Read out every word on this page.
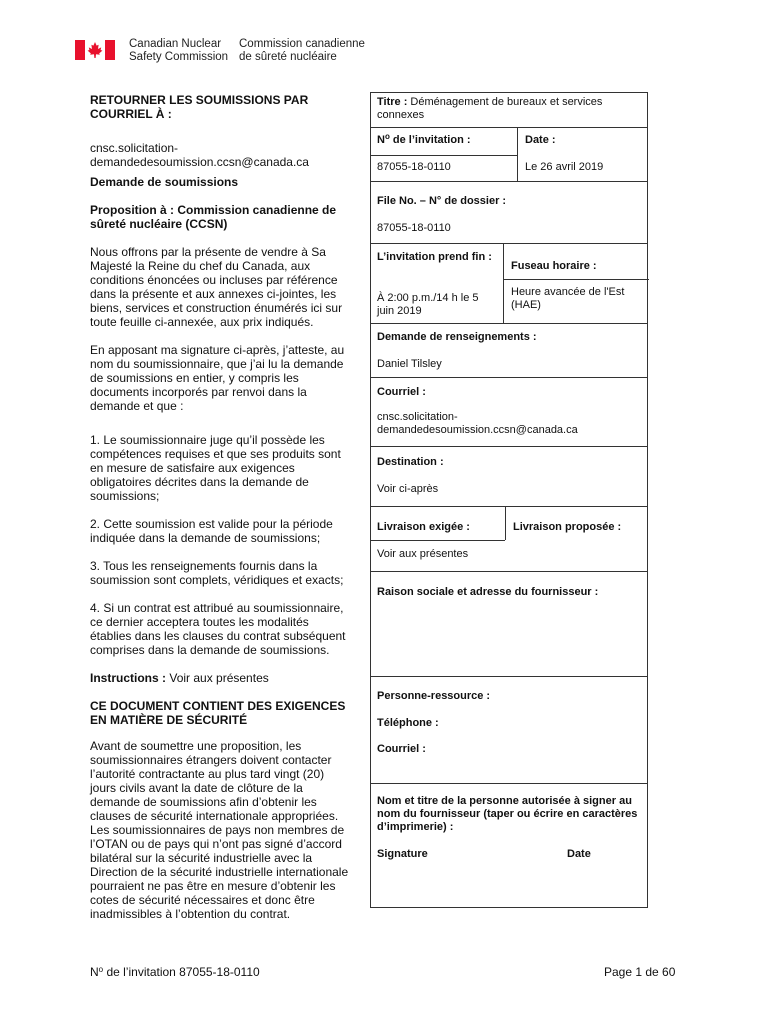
Canadian Nuclear
Safety Commission
Commission canadienne
de sûreté nucléaire

RETOURNER LES SOUMISSIONS PAR COURRIEL À :

cnsc.solicitation-demandedesoumission.ccsn@canada.ca

Demande de soumissions

Proposition à : Commission canadienne de sûreté nucléaire (CCSN)

Nous offrons par la présente de vendre à Sa Majesté la Reine du chef du Canada, aux conditions énoncées ou incluses par référence dans la présente et aux annexes ci-jointes, les biens, services et construction énumérés ici sur toute feuille ci-annexée, aux prix indiqués.

En apposant ma signature ci-après, j’atteste, au nom du soumissionnaire, que j’ai lu la demande de soumissions en entier, y compris les documents incorporés par renvoi dans la demande et que :

1. Le soumissionnaire juge qu’il possède les compétences requises et que ses produits sont en mesure de satisfaire aux exigences obligatoires décrites dans la demande de soumissions;

2. Cette soumission est valide pour la période indiquée dans la demande de soumissions;

3. Tous les renseignements fournis dans la soumission sont complets, véridiques et exacts;

4. Si un contrat est attribué au soumissionnaire, ce dernier acceptera toutes les modalités établies dans les clauses du contrat subséquent comprises dans la demande de soumissions.

Instructions : Voir aux présentes

CE DOCUMENT CONTIENT DES EXIGENCES EN MATIÈRE DE SÉCURITÉ

Avant de soumettre une proposition, les soumissionnaires étrangers doivent contacter l’autorité contractante au plus tard vingt (20) jours civils avant la date de clôture de la demande de soumissions afin d’obtenir les clauses de sécurité internationale appropriées. Les soumissionnaires de pays non membres de l’OTAN ou de pays qui n’ont pas signé d’accord bilatéral sur la sécurité industrielle avec la Direction de la sécurité industrielle internationale pourraient ne pas être en mesure d’obtenir les cotes de sécurité nécessaires et donc être inadmissibles à l’obtention du contrat.

Titre : Déménagement de bureaux et services connexes
$N^o$ de l’invitation :	Date :
87055-18-0110	Le 26 avril 2019
File No. – N° de dossier :
87055-18-0110
L’invitation prend fin :
À 2:00 p.m./14 h le 5 juin 2019
Fuseau horaire :
Heure avancée de l'Est (HAE)
Demande de renseignements :
Daniel Tilsley
Courriel :
cnsc.solicitation-demandedesoumission.ccsn@canada.ca
Destination :
Voir ci-après
Livraison exigée :	Livraison proposée :
Voir aux présentes
Raison sociale et adresse du fournisseur :
Personne-ressource :
Téléphone :
Courriel :
Nom et titre de la personne autorisée à signer au nom du fournisseur (taper ou écrire en caractères d’imprimerie) :
Signature	Date
$N^o$ de l’invitation 87055-18-0110	Page 1 de 60
